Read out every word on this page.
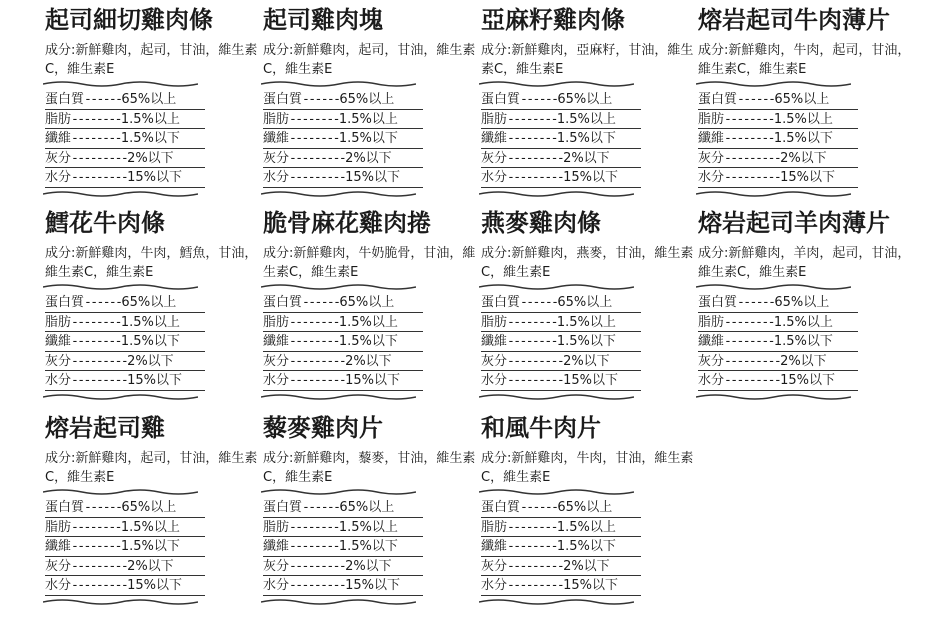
起司細切雞肉條
成分:新鮮雞肉，起司，甘油，維生素C，維生素E
蛋白質------65%以上
脂肪--------1.5%以上
纖維--------1.5%以下
灰分---------2%以下
水分---------15%以下
起司雞肉塊
成分:新鮮雞肉，起司，甘油，維生素C，維生素E
蛋白質------65%以上
脂肪--------1.5%以上
纖維--------1.5%以下
灰分---------2%以下
水分---------15%以下
亞麻籽雞肉條
成分:新鮮雞肉，亞麻籽，甘油，維生素C，維生素E
蛋白質------65%以上
脂肪--------1.5%以上
纖維--------1.5%以下
灰分---------2%以下
水分---------15%以下
熔岩起司牛肉薄片
成分:新鮮雞肉，牛肉，起司，甘油，維生素C，維生素E
蛋白質------65%以上
脂肪--------1.5%以上
纖維--------1.5%以下
灰分---------2%以下
水分---------15%以下
鱈花牛肉條
成分:新鮮雞肉，牛肉，鱈魚，甘油，維生素C，維生素E
蛋白質------65%以上
脂肪--------1.5%以上
纖維--------1.5%以下
灰分---------2%以下
水分---------15%以下
脆骨麻花雞肉捲
成分:新鮮雞肉，牛奶脆骨，甘油，維生素C，維生素E
蛋白質------65%以上
脂肪--------1.5%以上
纖維--------1.5%以下
灰分---------2%以下
水分---------15%以下
燕麥雞肉條
成分:新鮮雞肉，燕麥，甘油，維生素C，維生素E
蛋白質------65%以上
脂肪--------1.5%以上
纖維--------1.5%以下
灰分---------2%以下
水分---------15%以下
熔岩起司羊肉薄片
成分:新鮮雞肉，羊肉，起司，甘油，維生素C，維生素E
蛋白質------65%以上
脂肪--------1.5%以上
纖維--------1.5%以下
灰分---------2%以下
水分---------15%以下
熔岩起司雞
成分:新鮮雞肉，起司，甘油，維生素C，維生素E
蛋白質------65%以上
脂肪--------1.5%以上
纖維--------1.5%以下
灰分---------2%以下
水分---------15%以下
藜麥雞肉片
成分:新鮮雞肉，藜麥，甘油，維生素C，維生素E
蛋白質------65%以上
脂肪--------1.5%以上
纖維--------1.5%以下
灰分---------2%以下
水分---------15%以下
和風牛肉片
成分:新鮮雞肉，牛肉，甘油，維生素C，維生素E
蛋白質------65%以上
脂肪--------1.5%以上
纖維--------1.5%以下
灰分---------2%以下
水分---------15%以下
